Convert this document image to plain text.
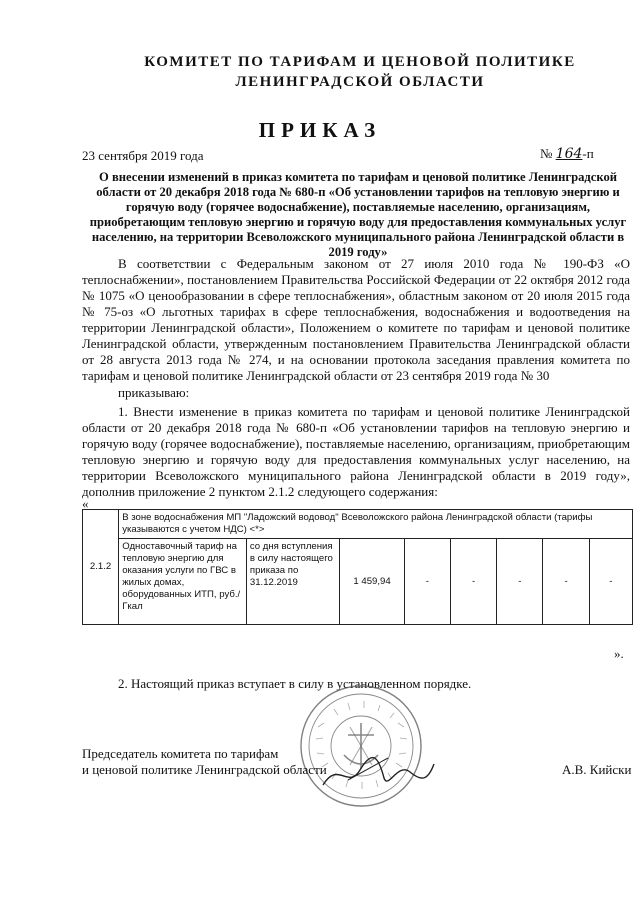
КОМИТЕТ ПО ТАРИФАМ И ЦЕНОВОЙ ПОЛИТИКЕ
ЛЕНИНГРАДСКОЙ ОБЛАСТИ
ПРИКАЗ
23 сентября 2019 года	№ 164-п
О внесении изменений в приказ комитета по тарифам и ценовой политике Ленинградской области от 20 декабря 2018 года № 680-п «Об установлении тарифов на тепловую энергию и горячую воду (горячее водоснабжение), поставляемые населению, организациям, приобретающим тепловую энергию и горячую воду для предоставления коммунальных услуг населению, на территории Всеволожского муниципального района Ленинградской области в 2019 году»

В соответствии с Федеральным законом от 27 июля 2010 года № 190-ФЗ «О теплоснабжении», постановлением Правительства Российской Федерации от 22 октября 2012 года № 1075 «О ценообразовании в сфере теплоснабжения», областным законом от 20 июля 2015 года № 75-оз «О льготных тарифах в сфере теплоснабжения, водоснабжения и водоотведения на территории Ленинградской области», Положением о комитете по тарифам и ценовой политике Ленинградской области, утвержденным постановлением Правительства Ленинградской области от 28 августа 2013 года № 274, и на основании протокола заседания правления комитета по тарифам и ценовой политике Ленинградской области от 23 сентября 2019 года № 30

приказываю:

1. Внести изменение в приказ комитета по тарифам и ценовой политике Ленинградской области от 20 декабря 2018 года № 680-п «Об установлении тарифов на тепловую энергию и горячую воду (горячее водоснабжение), поставляемые населению, организациям, приобретающим тепловую энергию и горячую воду для предоставления коммунальных услуг населению, на территории Всеволожского муниципального района Ленинградской области в 2019 году», дополнив приложение 2 пунктом 2.1.2 следующего содержания:

«
2.1.2	В зоне водоснабжения МП "Ладожский водовод" Всеволожского района Ленинградской области (тарифы указываются с учетом НДС) <*>							
	Одноставочный тариф на тепловую энергию для оказания услуги по ГВС в жилых домах, оборудованных ИТП, руб./Гкал	со дня вступления в силу настоящего приказа по 31.12.2019	1 459,94	-	-	-	-	-
».
2. Настоящий приказ вступает в силу в установленном порядке.
Председатель комитета по тарифам
и ценовой политике Ленинградской области	А.В. Кийски
